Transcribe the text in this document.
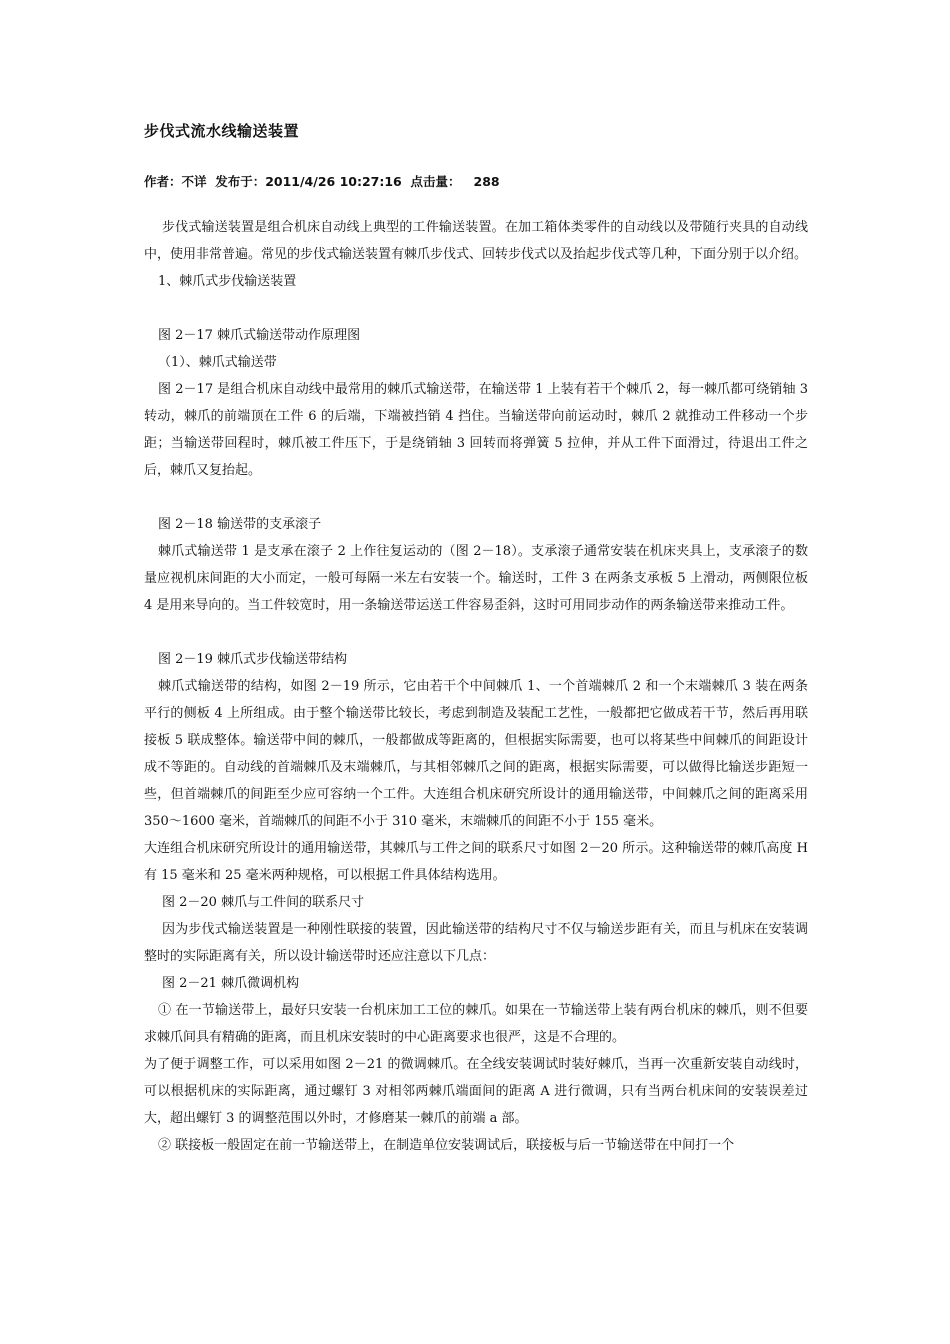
步伐式流水线输送装置
作者：不详  发布于：2011/4/26 10:27:16  点击量：   288

步伐式输送装置是组合机床自动线上典型的工件输送装置。在加工箱体类零件的自动线以及带随行夹具的自动线中，使用非常普遍。常见的步伐式输送装置有棘爪步伐式、回转步伐式以及抬起步伐式等几种，下面分别于以介绍。

1、棘爪式步伐输送装置

图 2－17 棘爪式输送带动作原理图

（1）、棘爪式输送带

图 2－17 是组合机床自动线中最常用的棘爪式输送带，在输送带 1 上装有若干个棘爪 2，每一棘爪都可绕销轴 3 转动，棘爪的前端顶在工件 6 的后端，下端被挡销 4 挡住。当输送带向前运动时，棘爪 2 就推动工件移动一个步距；当输送带回程时，棘爪被工件压下，于是绕销轴 3 回转而将弹簧 5 拉伸，并从工件下面滑过，待退出工件之后，棘爪又复抬起。

图 2－18 输送带的支承滚子

棘爪式输送带 1 是支承在滚子 2 上作往复运动的（图 2－18）。支承滚子通常安装在机床夹具上，支承滚子的数量应视机床间距的大小而定，一般可每隔一米左右安装一个。输送时，工件 3 在两条支承板 5 上滑动，两侧限位板 4 是用来导向的。当工件较宽时，用一条输送带运送工件容易歪斜，这时可用同步动作的两条输送带来推动工件。

图 2－19 棘爪式步伐输送带结构

棘爪式输送带的结构，如图 2－19 所示，它由若干个中间棘爪 1、一个首端棘爪 2 和一个末端棘爪 3 装在两条平行的侧板 4 上所组成。由于整个输送带比较长，考虑到制造及装配工艺性，一般都把它做成若干节，然后再用联接板 5 联成整体。输送带中间的棘爪，一般都做成等距离的，但根据实际需要，也可以将某些中间棘爪的间距设计成不等距的。自动线的首端棘爪及末端棘爪，与其相邻棘爪之间的距离，根据实际需要，可以做得比输送步距短一些，但首端棘爪的间距至少应可容纳一个工件。大连组合机床研究所设计的通用输送带，中间棘爪之间的距离采用 350～1600 毫米，首端棘爪的间距不小于 310 毫米，末端棘爪的间距不小于 155 毫米。

大连组合机床研究所设计的通用输送带，其棘爪与工件之间的联系尺寸如图 2－20 所示。这种输送带的棘爪高度 H 有 15 毫米和 25 毫米两种规格，可以根据工件具体结构选用。

图 2－20 棘爪与工件间的联系尺寸

因为步伐式输送装置是一种刚性联接的装置，因此输送带的结构尺寸不仅与输送步距有关，而且与机床在安装调整时的实际距离有关，所以设计输送带时还应注意以下几点：

图 2－21 棘爪微调机构

① 在一节输送带上，最好只安装一台机床加工工位的棘爪。如果在一节输送带上装有两台机床的棘爪，则不但要求棘爪间具有精确的距离，而且机床安装时的中心距离要求也很严，这是不合理的。

为了便于调整工作，可以采用如图 2－21 的微调棘爪。在全线安装调试时装好棘爪，当再一次重新安装自动线时，可以根据机床的实际距离，通过螺钉 3 对相邻两棘爪端面间的距离 A 进行微调，只有当两台机床间的安装误差过大，超出螺钉 3 的调整范围以外时，才修磨某一棘爪的前端 a 部。

② 联接板一般固定在前一节输送带上，在制造单位安装调试后，联接板与后一节输送带在中间打一个
